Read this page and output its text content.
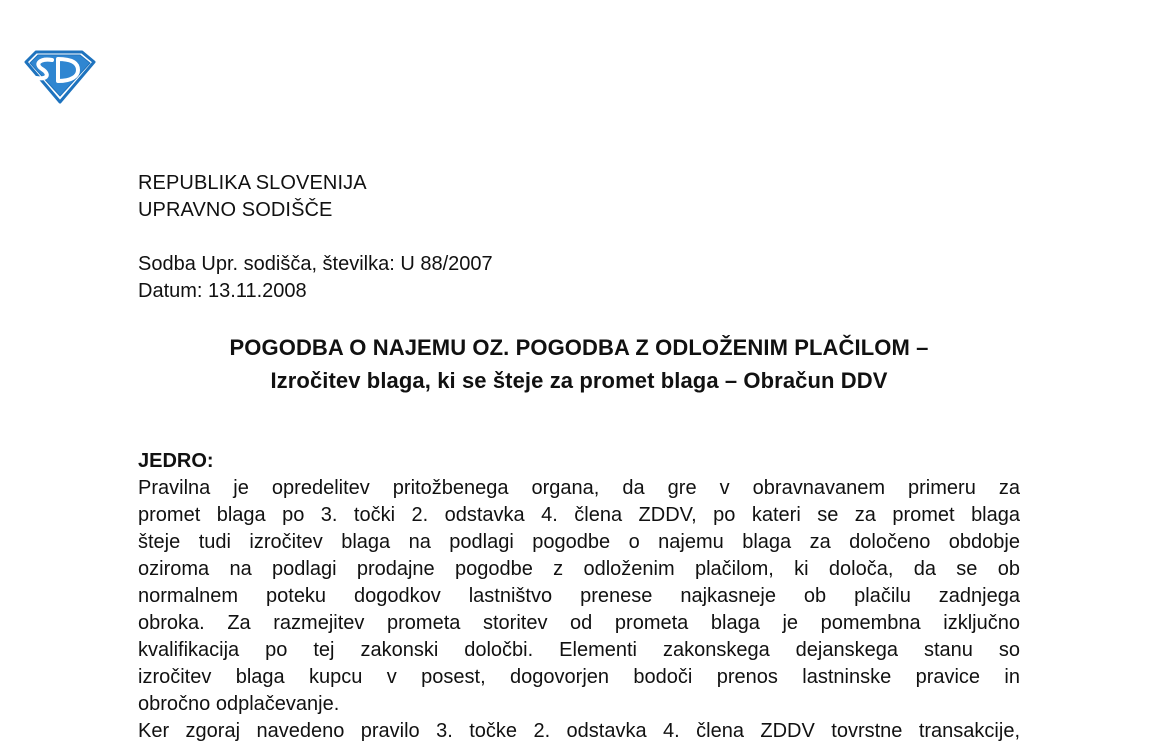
REPUBLIKA SLOVENIJA
UPRAVNO SODIŠČE
Sodba Upr. sodišča, številka: U 88/2007
Datum: 13.11.2008
POGODBA O NAJEMU OZ. POGODBA Z ODLOŽENIM PLAČILOM –
Izročitev blaga, ki se šteje za promet blaga – Obračun DDV
JEDRO:
Pravilna je opredelitev pritožbenega organa, da gre v obravnavanem primeru za
promet blaga po 3. točki 2. odstavka 4. člena ZDDV, po kateri se za promet blaga
šteje tudi izročitev blaga na podlagi pogodbe o najemu blaga za določeno obdobje
oziroma na podlagi prodajne pogodbe z odloženim plačilom, ki določa, da se ob
normalnem poteku dogodkov lastništvo prenese najkasneje ob plačilu zadnjega
obroka. Za razmejitev prometa storitev od prometa blaga je pomembna izključno
kvalifikacija po tej zakonski določbi. Elementi zakonskega dejanskega stanu so
izročitev blaga kupcu v posest, dogovorjen bodoči prenos lastninske pravice in
obročno odplačevanje.
Ker zgoraj navedeno pravilo 3. točke 2. odstavka 4. člena ZDDV tovrstne transakcije,
